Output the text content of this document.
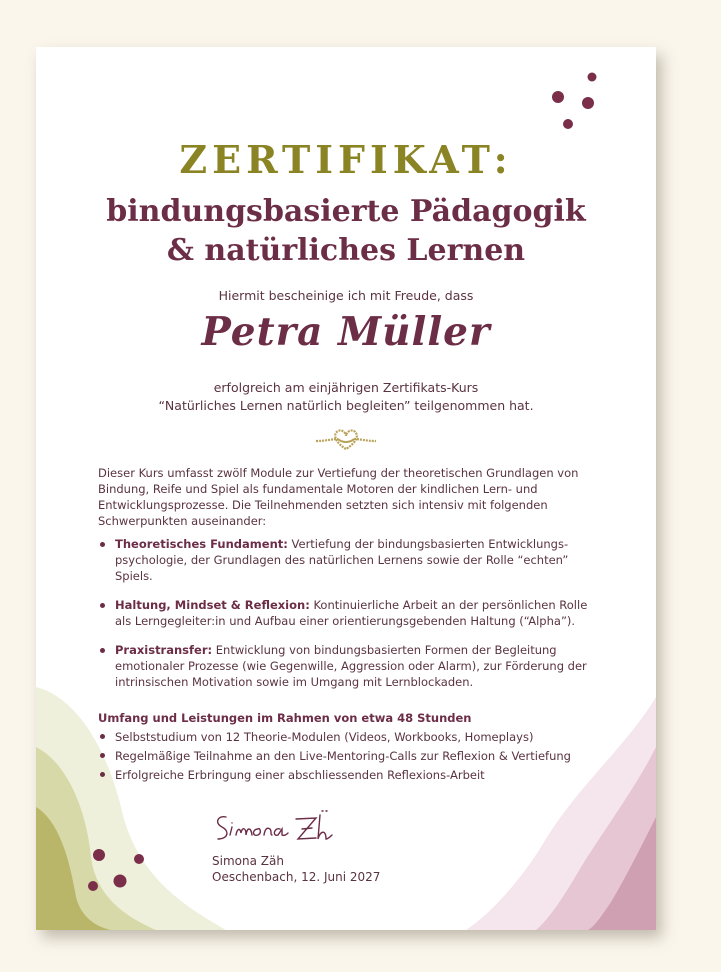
ZERTIFIKAT:
bindungsbasierte Pädagogik
& natürliches Lernen
Hiermit bescheinige ich mit Freude, dass
Petra Müller
erfolgreich am einjährigen Zertifikats-Kurs
“Natürliches Lernen natürlich begleiten” teilgenommen hat.
Dieser Kurs umfasst zwölf Module zur Vertiefung der theoretischen Grundlagen von Bindung, Reife und Spiel als fundamentale Motoren der kindlichen Lern- und Entwicklungsprozesse. Die Teilnehmenden setzten sich intensiv mit folgenden Schwerpunkten auseinander:
Theoretisches Fundament: Vertiefung der bindungsbasierten Entwicklungs-psychologie, der Grundlagen des natürlichen Lernens sowie der Rolle “echten” Spiels.
Haltung, Mindset & Reflexion: Kontinuierliche Arbeit an der persönlichen Rolle als Lerngegleiter:in und Aufbau einer orientierungsgebenden Haltung (“Alpha”).
Praxistransfer: Entwicklung von bindungsbasierten Formen der Begleitung emotionaler Prozesse (wie Gegenwille, Aggression oder Alarm), zur Förderung der intrinsischen Motivation sowie im Umgang mit Lernblockaden.
Umfang und Leistungen im Rahmen von etwa 48 Stunden
Selbststudium von 12 Theorie-Modulen (Videos, Workbooks, Homeplays)
Regelmäßige Teilnahme an den Live-Mentoring-Calls zur Reflexion & Vertiefung
Erfolgreiche Erbringung einer abschliessenden Reflexions-Arbeit
Simona Zäh
Simona Zäh
Oeschenbach, 12. Juni 2027
